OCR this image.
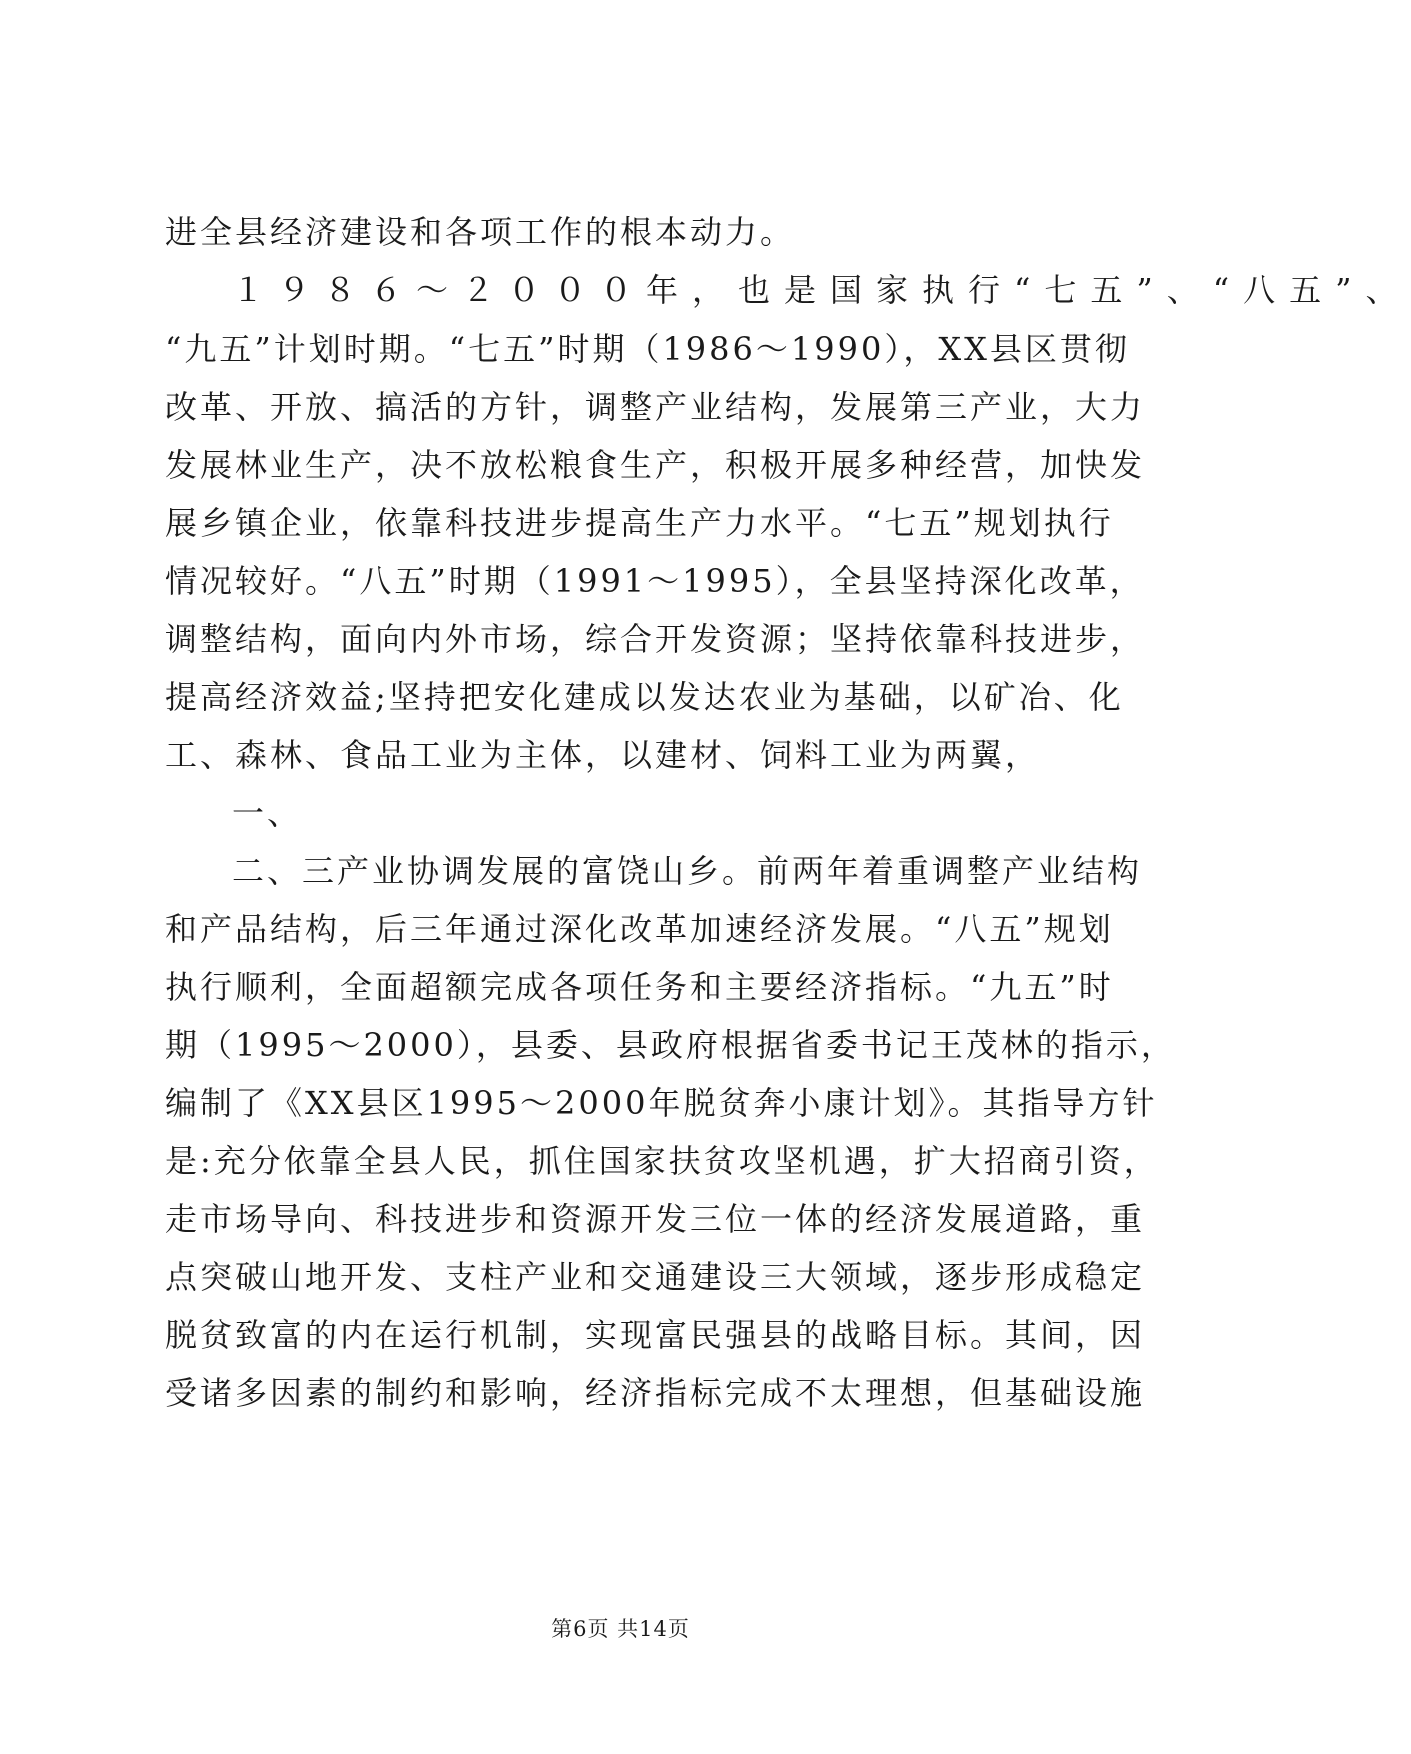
进全县经济建设和各项工作的根本动力。
１９８６～２０００年，也是国家执行“七五”、“八五”、
“九五”计划时期。“七五”时期（1986～1990），XX县区贯彻
改革、开放、搞活的方针，调整产业结构，发展第三产业，大力
发展林业生产，决不放松粮食生产，积极开展多种经营，加快发
展乡镇企业，依靠科技进步提高生产力水平。“七五”规划执行
情况较好。“八五”时期（1991～1995），全县坚持深化改革，
调整结构，面向内外市场，综合开发资源；坚持依靠科技进步，
提高经济效益;坚持把安化建成以发达农业为基础，以矿冶、化
工、森林、食品工业为主体，以建材、饲料工业为两翼，
一、
二、三产业协调发展的富饶山乡。前两年着重调整产业结构
和产品结构，后三年通过深化改革加速经济发展。“八五”规划
执行顺利，全面超额完成各项任务和主要经济指标。“九五”时
期（1995～2000），县委、县政府根据省委书记王茂林的指示，
编制了《XX县区1995～2000年脱贫奔小康计划》。其指导方针
是:充分依靠全县人民，抓住国家扶贫攻坚机遇，扩大招商引资，
走市场导向、科技进步和资源开发三位一体的经济发展道路，重
点突破山地开发、支柱产业和交通建设三大领域，逐步形成稳定
脱贫致富的内在运行机制，实现富民强县的战略目标。其间，因
受诸多因素的制约和影响，经济指标完成不太理想，但基础设施
第6页 共14页
